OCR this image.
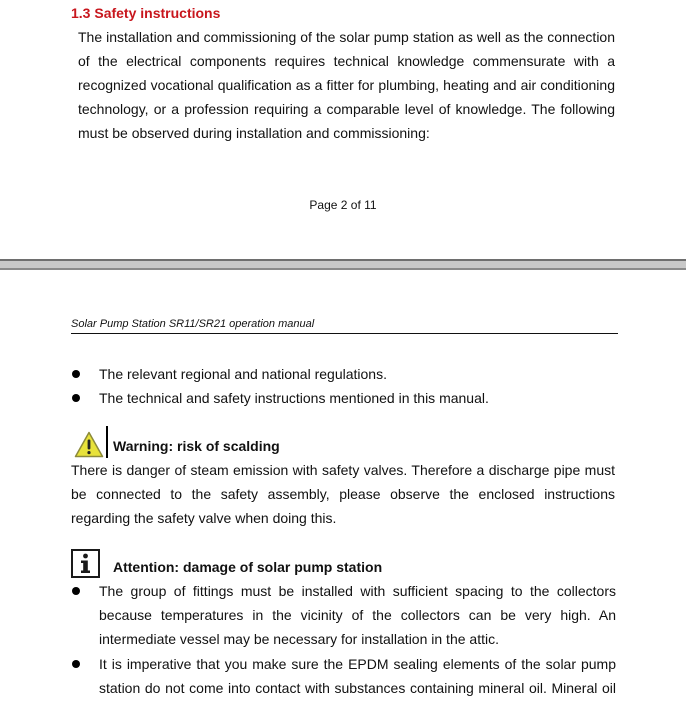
1.3 Safety instructions
The installation and commissioning of the solar pump station as well as the connection of the electrical components requires technical knowledge commensurate with a recognized vocational qualification as a fitter for plumbing, heating and air conditioning technology, or a profession requiring a comparable level of knowledge. The following must be observed during installation and commissioning:
Page 2 of 11
Solar Pump Station SR11/SR21 operation manual
The relevant regional and national regulations.
The technical and safety instructions mentioned in this manual.
Warning: risk of scalding
There is danger of steam emission with safety valves. Therefore a discharge pipe must be connected to the safety assembly, please observe the enclosed instructions regarding the safety valve when doing this.
Attention: damage of solar pump station
The group of fittings must be installed with sufficient spacing to the collectors because temperatures in the vicinity of the collectors can be very high. An intermediate vessel may be necessary for installation in the attic.
It is imperative that you make sure the EPDM sealing elements of the solar pump station do not come into contact with substances containing mineral oil. Mineral oil
